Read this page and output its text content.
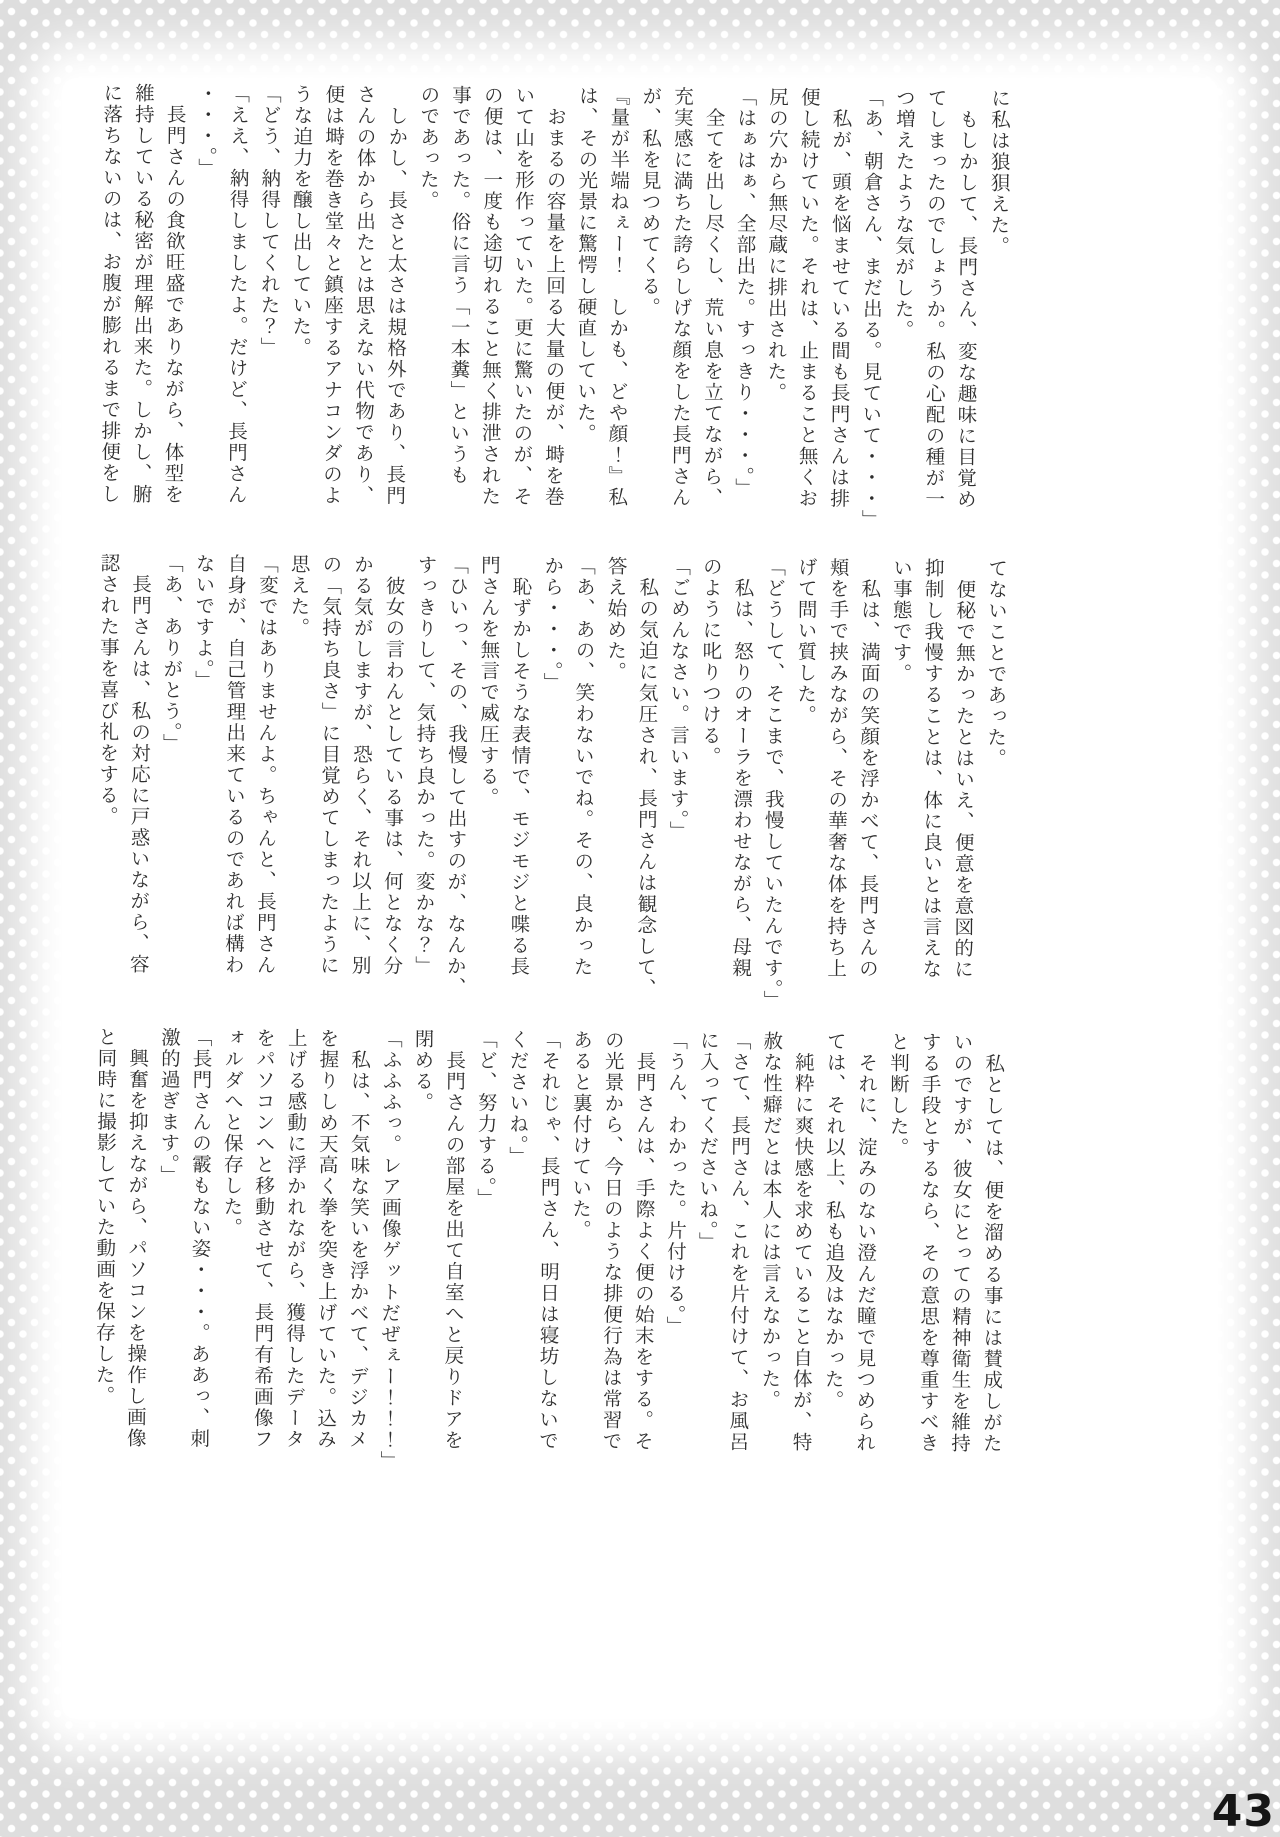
に私は狼狽えた。
　もしかして、長門さん、変な趣味に目覚め
てしまったのでしょうか。私の心配の種が一
つ増えたような気がした。
「あ、朝倉さん、まだ出る。見ていて・・・」
　私が、頭を悩ませている間も長門さんは排
便し続けていた。それは、止まること無くお
尻の穴から無尽蔵に排出された。
「はぁはぁ、全部出た。すっきり・・・。」
　全てを出し尽くし、荒い息を立てながら、
充実感に満ちた誇らしげな顔をした長門さん
が、私を見つめてくる。
『量が半端ねぇー！　しかも、どや顔！』私
は、その光景に驚愕し硬直していた。
　おまるの容量を上回る大量の便が、塒を巻
いて山を形作っていた。更に驚いたのが、そ
の便は、一度も途切れること無く排泄された
事であった。俗に言う「一本糞」というも
のであった。
　しかし、長さと太さは規格外であり、長門
さんの体から出たとは思えない代物であり、
便は塒を巻き堂々と鎮座するアナコンダのよ
うな迫力を醸し出していた。
「どう、納得してくれた？」
「ええ、納得しましたよ。だけど、長門さん
・・・。」
　長門さんの食欲旺盛でありながら、体型を
維持している秘密が理解出来た。しかし、腑
に落ちないのは、お腹が膨れるまで排便をし
てないことであった。
　便秘で無かったとはいえ、便意を意図的に
抑制し我慢することは、体に良いとは言えな
い事態です。
　私は、満面の笑顔を浮かべて、長門さんの
頬を手で挟みながら、その華奢な体を持ち上
げて問い質した。
「どうして、そこまで、我慢していたんです。」
　私は、怒りのオーラを漂わせながら、母親
のように叱りつける。
「ごめんなさい。言います。」
　私の気迫に気圧され、長門さんは観念して、
答え始めた。
「あ、あの、笑わないでね。その、良かった
から・・・。」
　恥ずかしそうな表情で、モジモジと喋る長
門さんを無言で威圧する。
「ひいっ、その、我慢して出すのが、なんか、
すっきりして、気持ち良かった。変かな？」
　彼女の言わんとしている事は、何となく分
かる気がしますが、恐らく、それ以上に、別
の「気持ち良さ」に目覚めてしまったように
思えた。
「変ではありませんよ。ちゃんと、長門さん
自身が、自己管理出来ているのであれば構わ
ないですよ。」
「あ、ありがとう。」
　長門さんは、私の対応に戸惑いながら、容
認された事を喜び礼をする。
　私としては、便を溜める事には賛成しがた
いのですが、彼女にとっての精神衛生を維持
する手段とするなら、その意思を尊重すべき
と判断した。
　それに、淀みのない澄んだ瞳で見つめられ
ては、それ以上、私も追及はなかった。
　純粋に爽快感を求めていること自体が、特
赦な性癖だとは本人には言えなかった。
「さて、長門さん、これを片付けて、お風呂
に入ってくださいね。」
「うん、わかった。片付ける。」
　長門さんは、手際よく便の始末をする。そ
の光景から、今日のような排便行為は常習で
あると裏付けていた。
「それじゃ、長門さん、明日は寝坊しないで
くださいね。」
「ど、努力する。」
　長門さんの部屋を出て自室へと戻りドアを
閉める。
「ふふふっ。レア画像ゲットだぜぇー！！！」
　私は、不気味な笑いを浮かべて、デジカメ
を握りしめ天高く拳を突き上げていた。込み
上げる感動に浮かれながら、獲得したデータ
をパソコンへと移動させて、長門有希画像フ
ォルダへと保存した。
「長門さんの霰もない姿・・・。ああっ、刺
激的過ぎます。」
　興奮を抑えながら、パソコンを操作し画像
と同時に撮影していた動画を保存した。
43
